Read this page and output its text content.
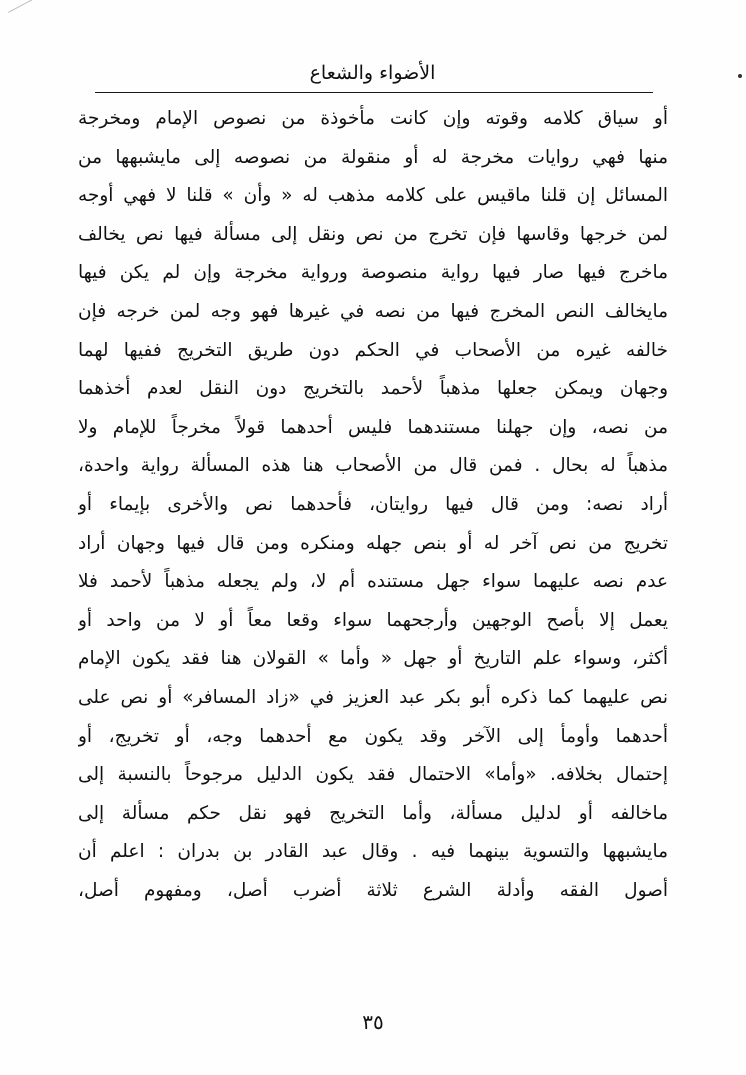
الأضواء والشعاع
أو سياق كلامه وقوته وإن كانت مأخوذة من نصوص الإمام ومخرجة
منها فهي روايات مخرجة له أو منقولة من نصوصه إلى مايشبهها من
المسائل إن قلنا ماقيس على كلامه مذهب له « وأن » قلنا لا فهي أوجه
لمن خرجها وقاسها فإن تخرج من نص ونقل إلى مسألة فيها نص يخالف
ماخرج فيها صار فيها رواية منصوصة ورواية مخرجة وإن لم يكن فيها
مايخالف النص المخرج فيها من نصه في غيرها فهو وجه لمن خرجه فإن
خالفه غيره من الأصحاب في الحكم دون طريق التخريج ففيها لهما
وجهان ويمكن جعلها مذهباً لأحمد بالتخريج دون النقل لعدم أخذهما
من نصه، وإن جهلنا مستندهما فليس أحدهما قولاً مخرجاً للإمام ولا
مذهباً له بحال . فمن قال من الأصحاب هنا هذه المسألة رواية واحدة،
أراد نصه: ومن قال فيها روايتان، فأحدهما نص والأخرى بإيماء أو
تخريج من نص آخر له أو بنص جهله ومنكره ومن قال فيها وجهان أراد
عدم نصه عليهما سواء جهل مستنده أم لا، ولم يجعله مذهباً لأحمد فلا
يعمل إلا بأصح الوجهين وأرجحهما سواء وقعا معاً أو لا من واحد أو
أكثر، وسواء علم التاريخ أو جهل « وأما » القولان هنا فقد يكون الإمام
نص عليهما كما ذكره أبو بكر عبد العزيز في «زاد المسافر» أو نص على
أحدهما وأومأ إلى الآخر وقد يكون مع أحدهما وجه، أو تخريج، أو
إحتمال بخلافه. «وأما» الاحتمال فقد يكون الدليل مرجوحاً بالنسبة إلى
ماخالفه أو لدليل مسألة، وأما التخريج فهو نقل حكم مسألة إلى
مايشبهها والتسوية بينهما فيه . وقال عبد القادر بن بدران : اعلم أن
أصول الفقه وأدلة الشرع ثلاثة أضرب أصل، ومفهوم أصل،
٣٥
